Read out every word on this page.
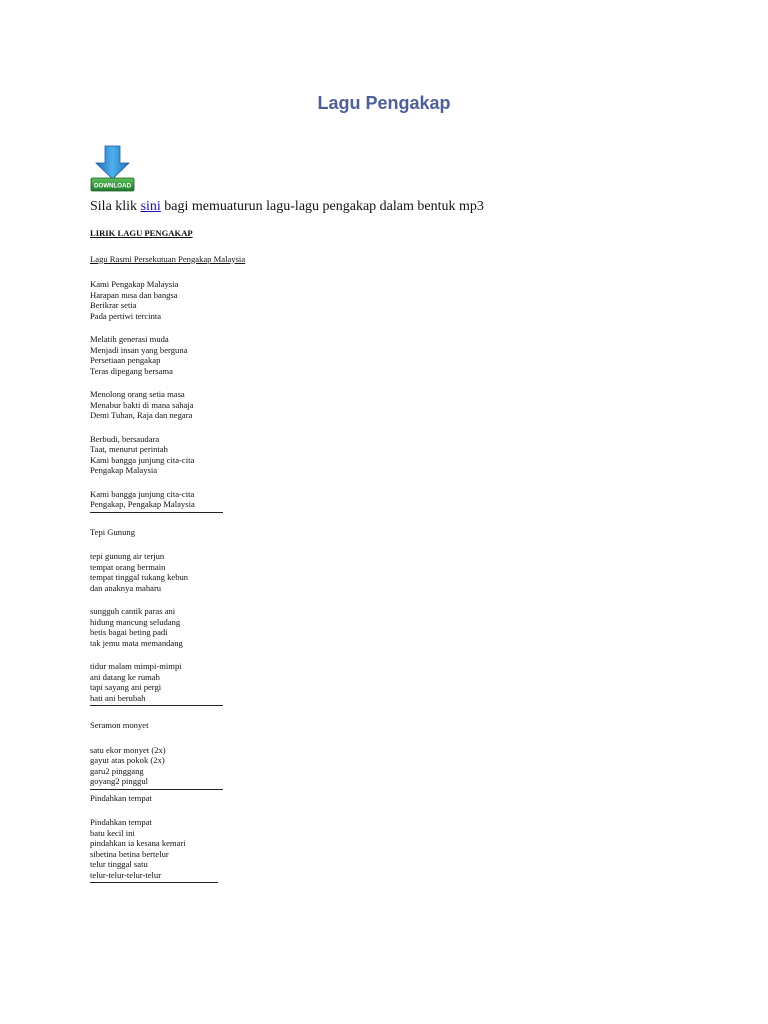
Lagu Pengakap
DOWNLOAD
Sila klik sini bagi memuaturun lagu-lagu pengakap dalam bentuk mp3
LIRIK LAGU PENGAKAP
Lagu Rasmi Persekutuan Pengakap Malaysia
Kami Pengakap Malaysia
Harapan nusa dan bangsa
Berikrar setia
Pada pertiwi tercinta
Melatih generasi muda
Menjadi insan yang berguna
Persetiaan pengakap
Teras dipegang bersama
Menolong orang setia masa
Menabur bakti di mana sahaja
Demi Tuhan, Raja dan negara
Berbudi, bersaudara
Taat, menurut perintah
Kami bangga junjung cita-cita
Pengakap Malaysia
Kami bangga junjung cita-cita
Pengakap, Pengakap Malaysia
Tepi Gunung
tepi gunung air terjun
tempat orang bermain
tempat tinggal tukang kebun
dan anaknya maharu
sungguh cantik paras ani
hidung mancung seludang
betis bagai beting padi
tak jemu mata memandang
tidur malam mimpi-mimpi
ani datang ke rumah
tapi sayang ani pergi
hati ani berubah
Seramon monyet
satu ekor monyet (2x)
gayut atas pokok (2x)
garu2 pinggang
goyang2 pinggul
Pindahkan tempat
Pindahkan tempat
batu kecil ini
pindahkan ia kesana kemari
sibetina betina bertelur
telur tinggal satu
telur-telur-telur-telur
